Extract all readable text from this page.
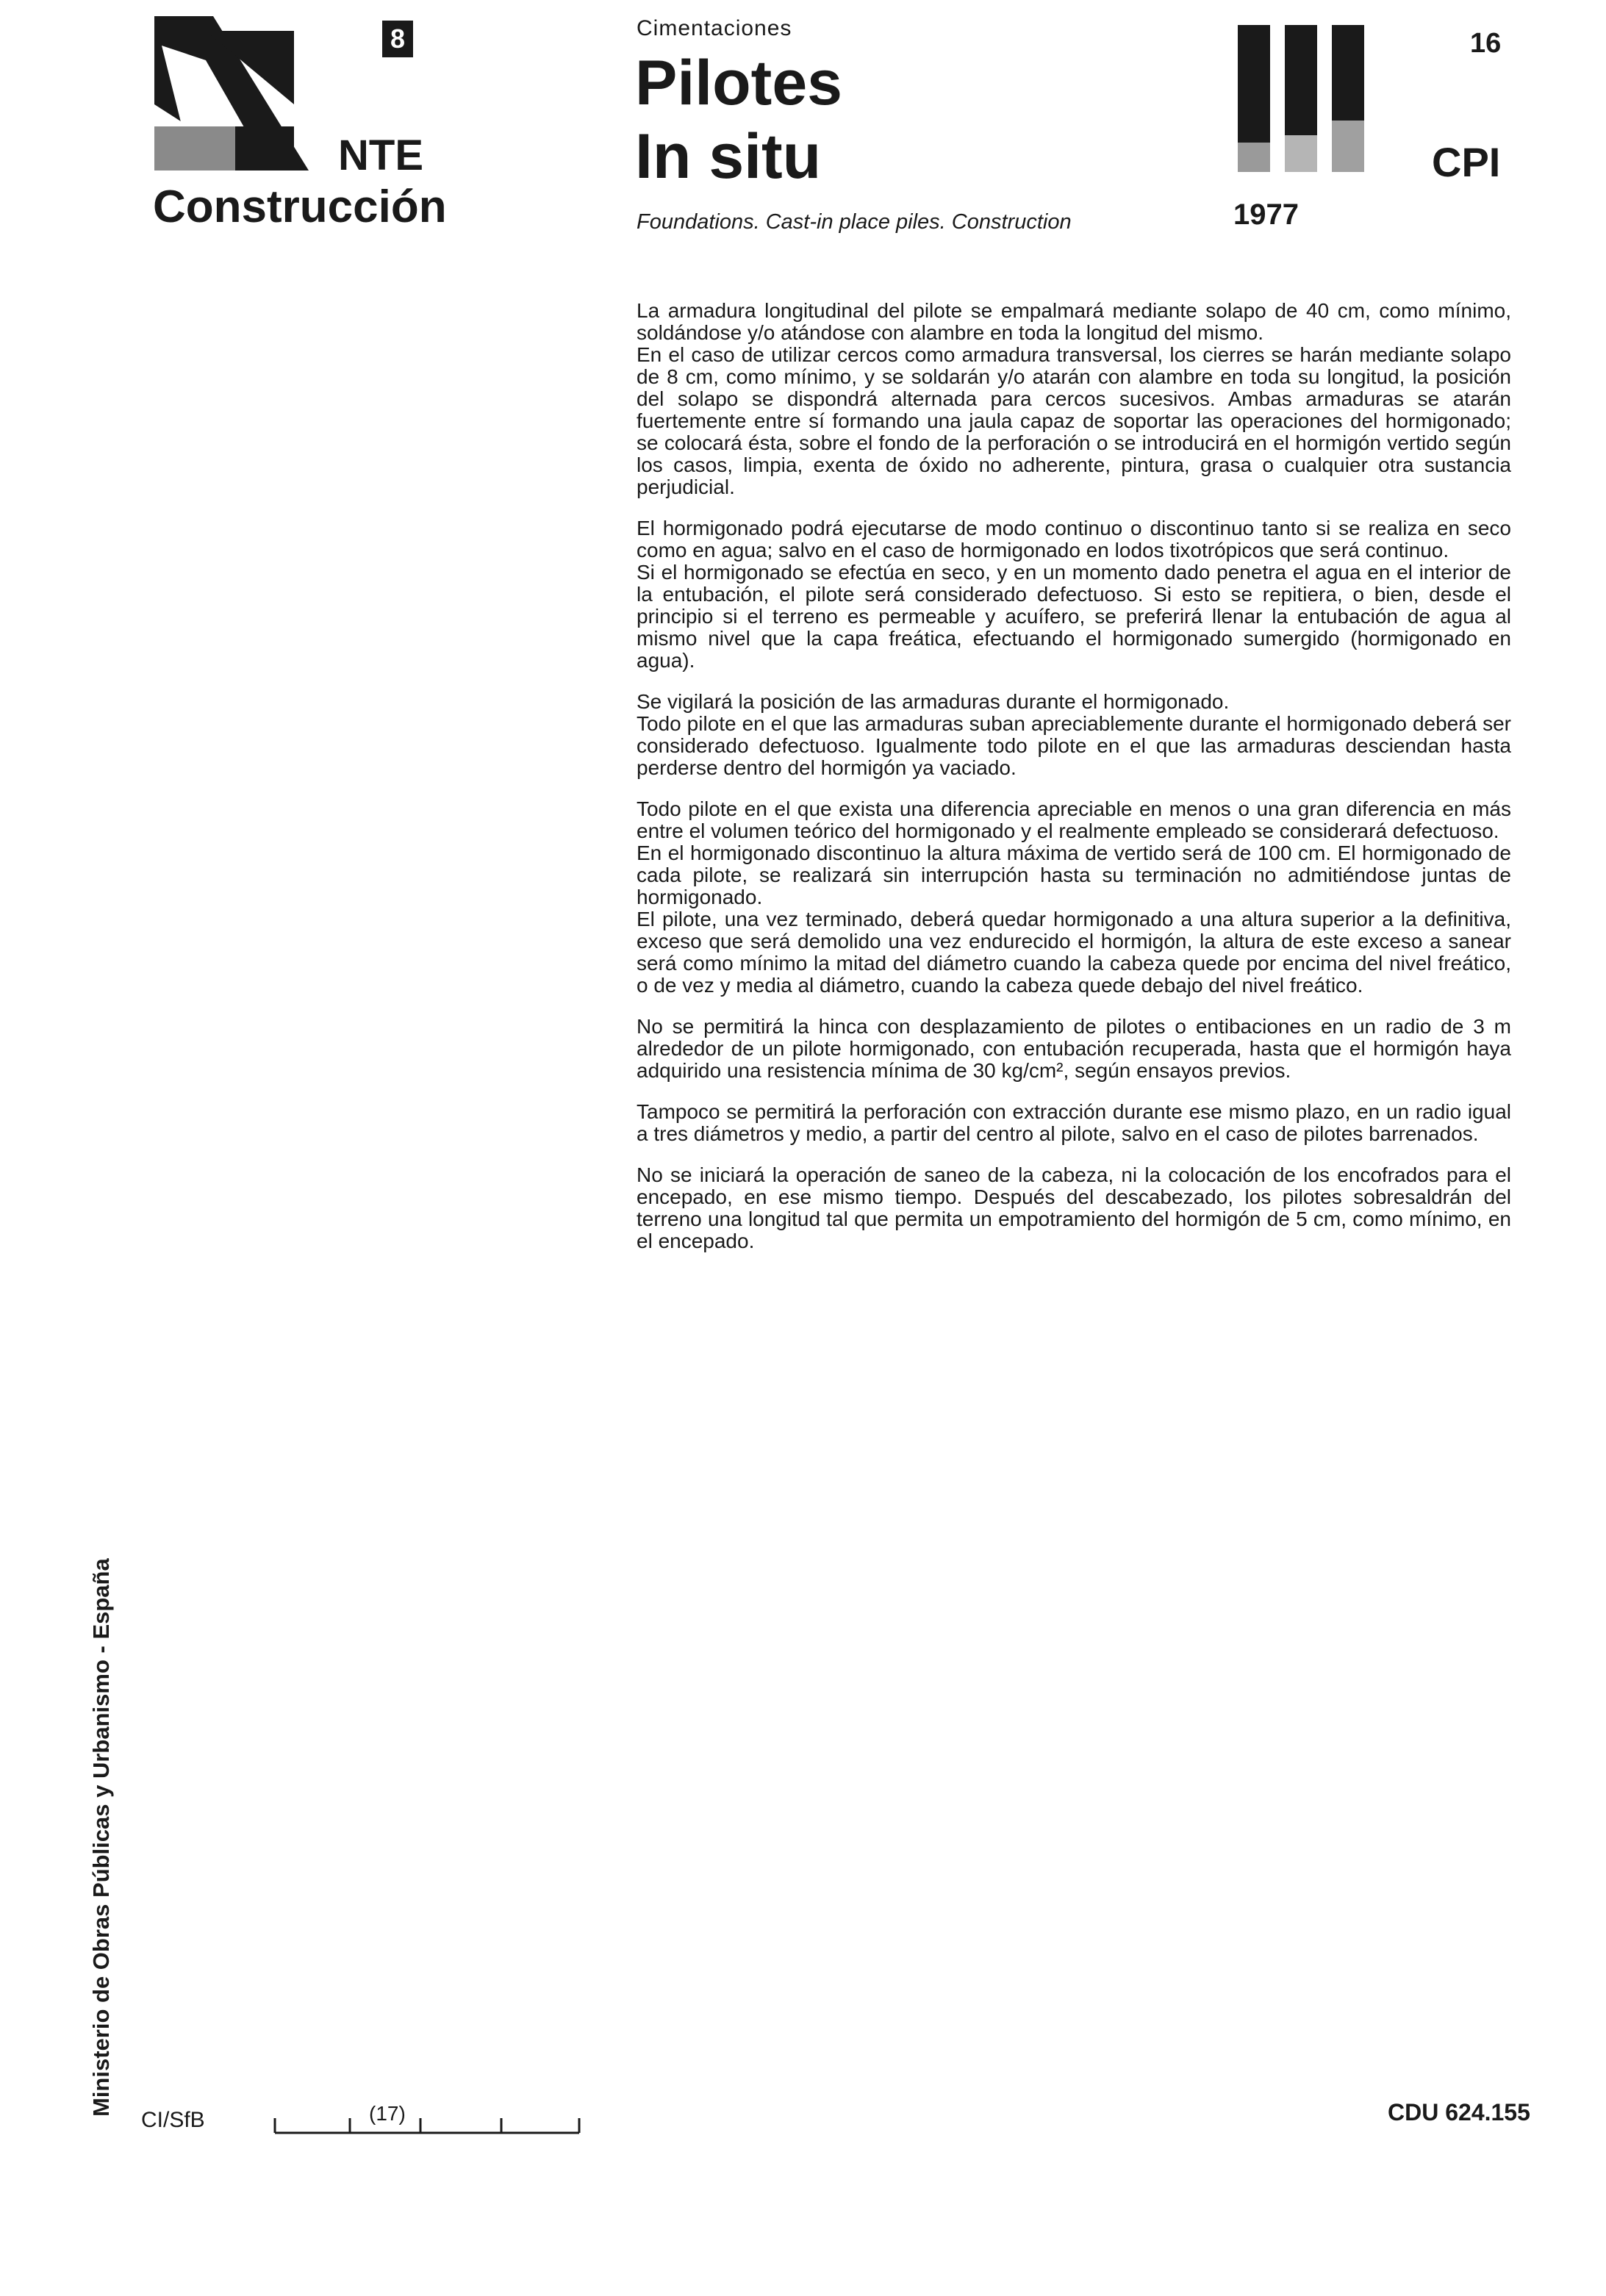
8
NTE
Construcción
Cimentaciones
Pilotes
In situ
Foundations. Cast-in place piles. Construction
16
CPI
1977

La armadura longitudinal del pilote se empalmará mediante solapo de 40 cm, como mínimo, soldándose y/o atándose con alambre en toda la longitud del mismo.
En el caso de utilizar cercos como armadura transversal, los cierres se harán mediante solapo de 8 cm, como mínimo, y se soldarán y/o atarán con alambre en toda su longitud, la posición del solapo se dispondrá alternada para cercos sucesivos. Ambas armaduras se atarán fuertemente entre sí formando una jaula capaz de soportar las operaciones del hormigonado; se colocará ésta, sobre el fondo de la perforación o se introducirá en el hormigón vertido según los casos, limpia, exenta de óxido no adherente, pintura, grasa o cualquier otra sustancia perjudicial.

El hormigonado podrá ejecutarse de modo continuo o discontinuo tanto si se realiza en seco como en agua; salvo en el caso de hormigonado en lodos tixotrópicos que será continuo.
Si el hormigonado se efectúa en seco, y en un momento dado penetra el agua en el interior de la entubación, el pilote será considerado defectuoso. Si esto se repitiera, o bien, desde el principio si el terreno es permeable y acuífero, se preferirá llenar la entubación de agua al mismo nivel que la capa freática, efectuando el hormigonado sumergido (hormigonado en agua).

Se vigilará la posición de las armaduras durante el hormigonado.
Todo pilote en el que las armaduras suban apreciablemente durante el hormigonado deberá ser considerado defectuoso. Igualmente todo pilote en el que las armaduras desciendan hasta perderse dentro del hormigón ya vaciado.

Todo pilote en el que exista una diferencia apreciable en menos o una gran diferencia en más entre el volumen teórico del hormigonado y el realmente empleado se considerará defectuoso.
En el hormigonado discontinuo la altura máxima de vertido será de 100 cm. El hormigonado de cada pilote, se realizará sin interrupción hasta su terminación no admitiéndose juntas de hormigonado.
El pilote, una vez terminado, deberá quedar hormigonado a una altura superior a la definitiva, exceso que será demolido una vez endurecido el hormigón, la altura de este exceso a sanear será como mínimo la mitad del diámetro cuando la cabeza quede por encima del nivel freático, o de vez y media al diámetro, cuando la cabeza quede debajo del nivel freático.

No se permitirá la hinca con desplazamiento de pilotes o entibaciones en un radio de 3 m alrededor de un pilote hormigonado, con entubación recuperada, hasta que el hormigón haya adquirido una resistencia mínima de 30 kg/cm², según ensayos previos.

Tampoco se permitirá la perforación con extracción durante ese mismo plazo, en un radio igual a tres diámetros y medio, a partir del centro al pilote, salvo en el caso de pilotes barrenados.

No se iniciará la operación de saneo de la cabeza, ni la colocación de los encofrados para el encepado, en ese mismo tiempo. Después del descabezado, los pilotes sobresaldrán del terreno una longitud tal que permita un empotramiento del hormigón de 5 cm, como mínimo, en el encepado.

Ministerio de Obras Públicas y Urbanismo - España
CI/SfB	(17)	CDU 624.155
